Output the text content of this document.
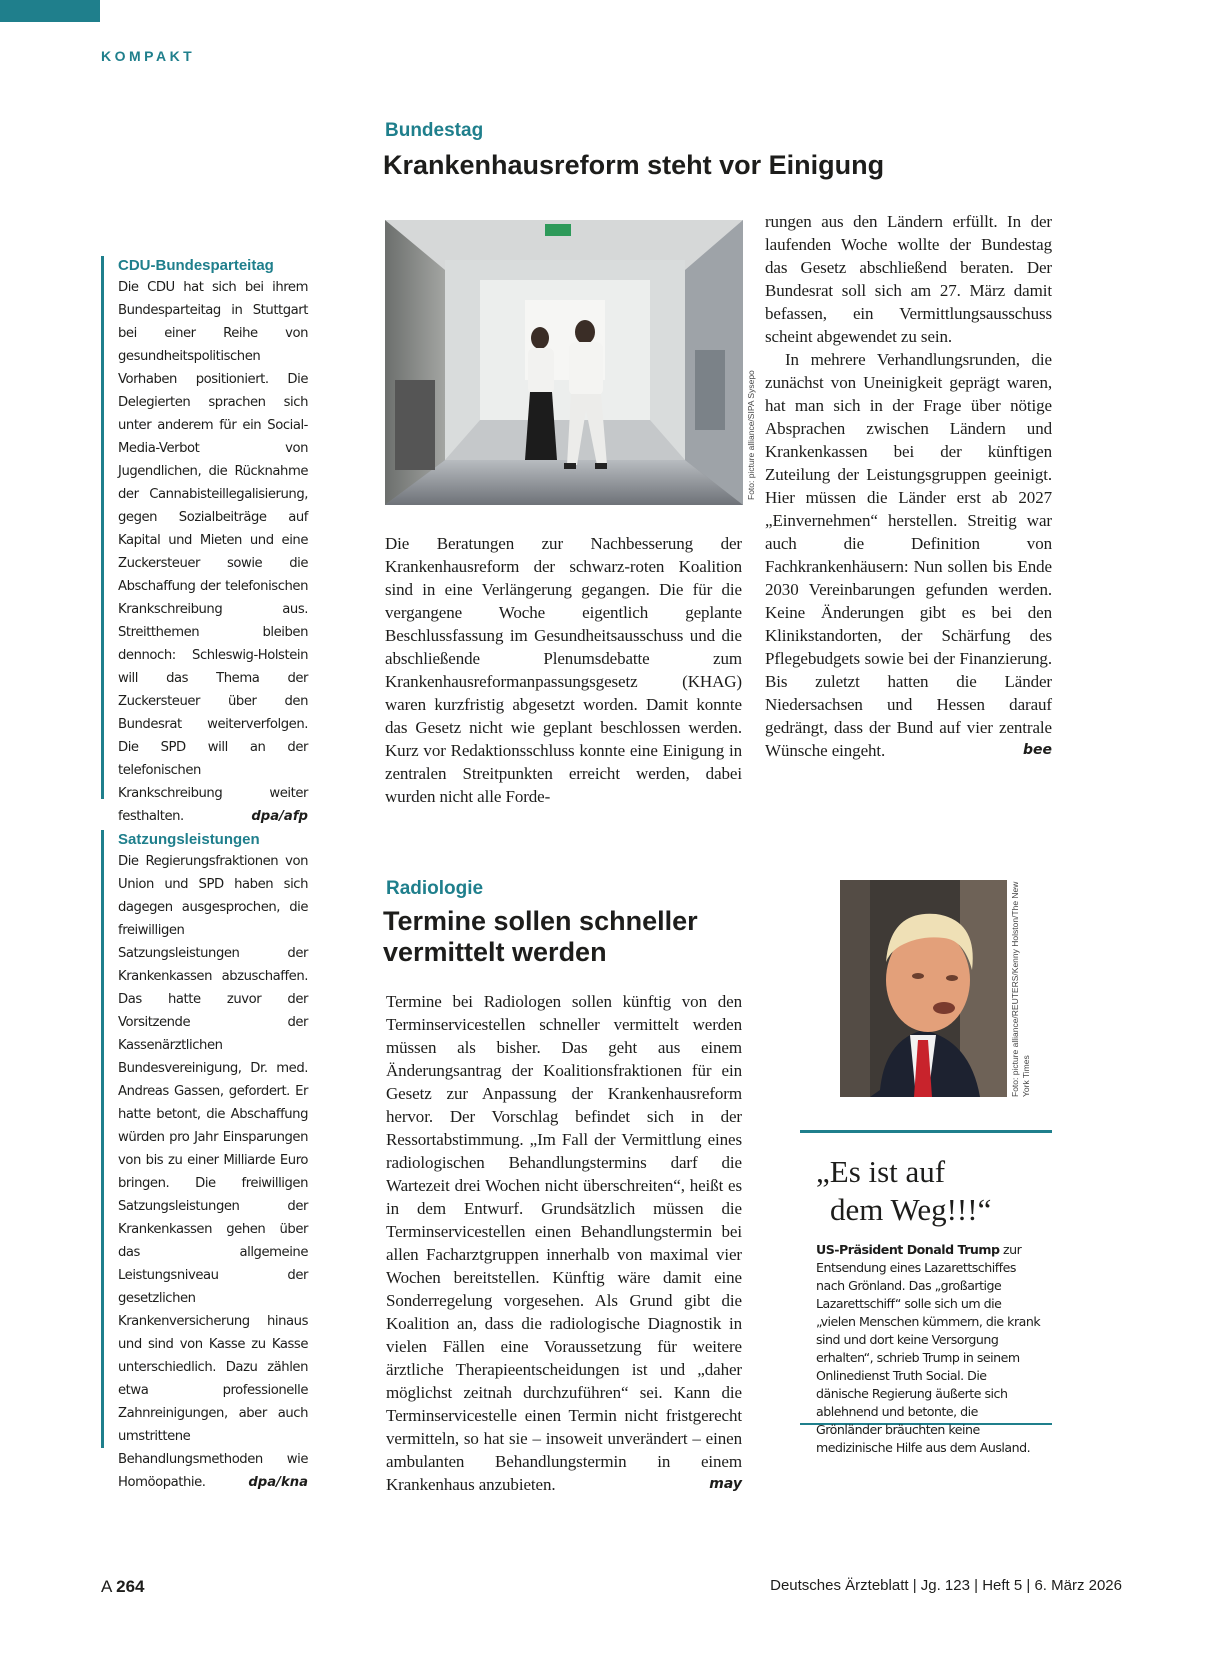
KOMPAKT
CDU-Bundesparteitag

Die CDU hat sich bei ihrem Bundesparteitag in Stuttgart bei einer Reihe von gesundheitspolitischen Vorhaben positioniert. Die Delegierten sprachen sich unter anderem für ein Social-Media-Verbot von Jugendlichen, die Rücknahme der Cannabisteillegalisierung, gegen Sozialbeiträge auf Kapital und Mieten und eine Zuckersteuer sowie die Abschaffung der telefonischen Krankschreibung aus. Streitthemen bleiben dennoch: Schleswig-Holstein will das Thema der Zuckersteuer über den Bundesrat weiterverfolgen. Die SPD will an der telefonischen Krankschreibung weiter festhalten.	dpa/afp

Satzungsleistungen

Die Regierungsfraktionen von Union und SPD haben sich dagegen ausgesprochen, die freiwilligen Satzungsleistungen der Krankenkassen abzuschaffen. Das hatte zuvor der Vorsitzende der Kassenärztlichen Bundesvereinigung, Dr. med. Andreas Gassen, gefordert. Er hatte betont, die Abschaffung würden pro Jahr Einsparungen von bis zu einer Milliarde Euro bringen. Die freiwilligen Satzungsleistungen der Krankenkassen gehen über das allgemeine Leistungsniveau der gesetzlichen Krankenversicherung hinaus und sind von Kasse zu Kasse unterschiedlich. Dazu zählen etwa professionelle Zahnreinigungen, aber auch umstrittene Behandlungsmethoden wie Homöopathie.	dpa/kna

Bundestag
Krankenhausreform steht vor Einigung
Foto: picture alliance/SIPA Sysepo

Die Beratungen zur Nachbesserung der Krankenhausreform der schwarz-roten Koalition sind in eine Verlängerung gegangen. Die für die vergangene Woche eigentlich geplante Beschlussfassung im Gesundheitsausschuss und die abschließende Plenumsdebatte zum Krankenhausreformanpassungsgesetz (KHAG) waren kurzfristig abgesetzt worden. Damit konnte das Gesetz nicht wie geplant beschlossen werden. Kurz vor Redaktionsschluss konnte eine Einigung in zentralen Streitpunkten erreicht werden, dabei wurden nicht alle Forde-

rungen aus den Ländern erfüllt. In der laufenden Woche wollte der Bundestag das Gesetz abschließend beraten. Der Bundesrat soll sich am 27. März damit befassen, ein Vermittlungsausschuss scheint abgewendet zu sein.

In mehrere Verhandlungsrunden, die zunächst von Uneinigkeit geprägt waren, hat man sich in der Frage über nötige Absprachen zwischen Ländern und Krankenkassen bei der künftigen Zuteilung der Leistungsgruppen geeinigt. Hier müssen die Länder erst ab 2027 „Einvernehmen“ herstellen. Streitig war auch die Definition von Fachkrankenhäusern: Nun sollen bis Ende 2030 Vereinbarungen gefunden werden. Keine Änderungen gibt es bei den Klinikstandorten, der Schärfung des Pflegebudgets sowie bei der Finanzierung. Bis zuletzt hatten die Länder Niedersachsen und Hessen darauf gedrängt, dass der Bund auf vier zentrale Wünsche eingeht.	bee

Radiologie
Termine sollen schneller
vermittelt werden

Termine bei Radiologen sollen künftig von den Terminservicestellen schneller vermittelt werden müssen als bisher. Das geht aus einem Änderungsantrag der Koalitionsfraktionen für ein Gesetz zur Anpassung der Krankenhausreform hervor. Der Vorschlag befindet sich in der Ressortabstimmung. „Im Fall der Vermittlung eines radiologischen Behandlungstermins darf die Wartezeit drei Wochen nicht überschreiten“, heißt es in dem Entwurf. Grundsätzlich müssen die Terminservicestellen einen Behandlungstermin bei allen Facharztgruppen innerhalb von maximal vier Wochen bereitstellen. Künftig wäre damit eine Sonderregelung vorgesehen. Als Grund gibt die Koalition an, dass die radiologische Diagnostik in vielen Fällen eine Voraussetzung für weitere ärztliche Therapieentscheidungen ist und „daher möglichst zeitnah durchzuführen“ sei. Kann die Terminservicestelle einen Termin nicht fristgerecht vermitteln, so hat sie – insoweit unverändert – einen ambulanten Behandlungstermin in einem Krankenhaus anzubieten.	may

Foto: picture alliance/REUTERS/Kenny Holston/The New York Times
„Es ist auf
dem Weg!!!“
US-Präsident Donald Trump zur Entsendung eines Lazarettschiffes nach Grönland. Das „großartige Lazarettschiff“ solle sich um die „vielen Menschen kümmern, die krank sind und dort keine Versorgung erhalten“, schrieb Trump in seinem Onlinedienst Truth Social. Die dänische Regierung äußerte sich ablehnend und betonte, die Grönländer bräuchten keine medizinische Hilfe aus dem Ausland.
A 264	Deutsches Ärzteblatt | Jg. 123 | Heft 5 | 6. März 2026
